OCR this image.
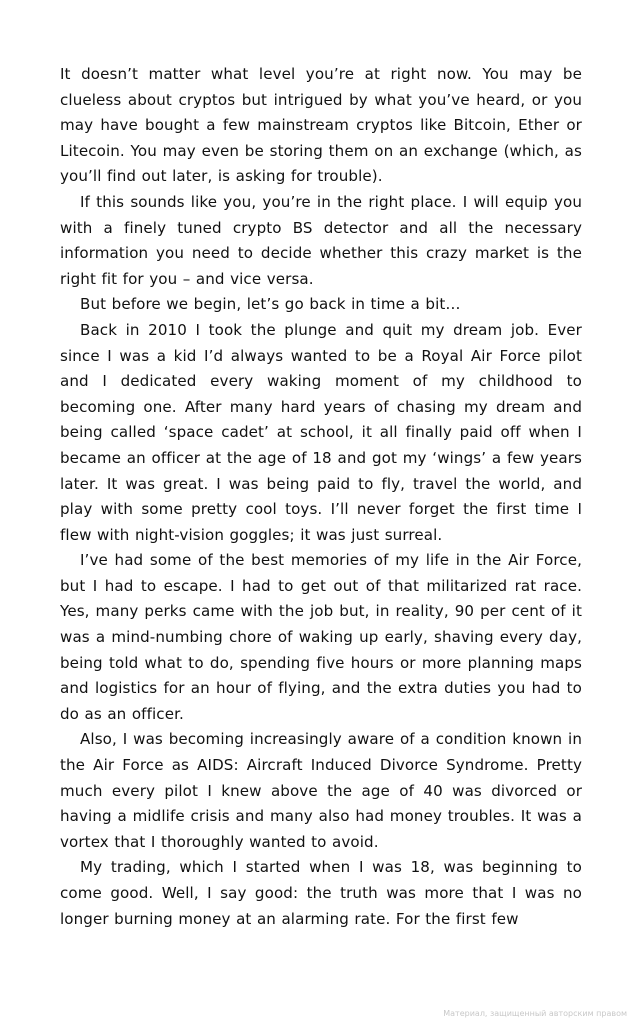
It doesn’t matter what level you’re at right now. You may be clueless about cryptos but intrigued by what you’ve heard, or you may have bought a few mainstream cryptos like Bitcoin, Ether or Litecoin. You may even be storing them on an exchange (which, as you’ll find out later, is asking for trouble).

If this sounds like you, you’re in the right place. I will equip you with a finely tuned crypto BS detector and all the necessary information you need to decide whether this crazy market is the right fit for you – and vice versa.

But before we begin, let’s go back in time a bit…

Back in 2010 I took the plunge and quit my dream job. Ever since I was a kid I’d always wanted to be a Royal Air Force pilot and I dedicated every waking moment of my childhood to becoming one. After many hard years of chasing my dream and being called ‘space cadet’ at school, it all finally paid off when I became an officer at the age of 18 and got my ‘wings’ a few years later. It was great. I was being paid to fly, travel the world, and play with some pretty cool toys. I’ll never forget the first time I flew with night-vision goggles; it was just surreal.

I’ve had some of the best memories of my life in the Air Force, but I had to escape. I had to get out of that militarized rat race. Yes, many perks came with the job but, in reality, 90 per cent of it was a mind-numbing chore of waking up early, shaving every day, being told what to do, spending five hours or more planning maps and logistics for an hour of flying, and the extra duties you had to do as an officer.

Also, I was becoming increasingly aware of a condition known in the Air Force as AIDS: Aircraft Induced Divorce Syndrome. Pretty much every pilot I knew above the age of 40 was divorced or having a midlife crisis and many also had money troubles. It was a vortex that I thoroughly wanted to avoid.

My trading, which I started when I was 18, was beginning to come good. Well, I say good: the truth was more that I was no longer burning money at an alarming rate. For the first few

Материал, защищенный авторским правом
